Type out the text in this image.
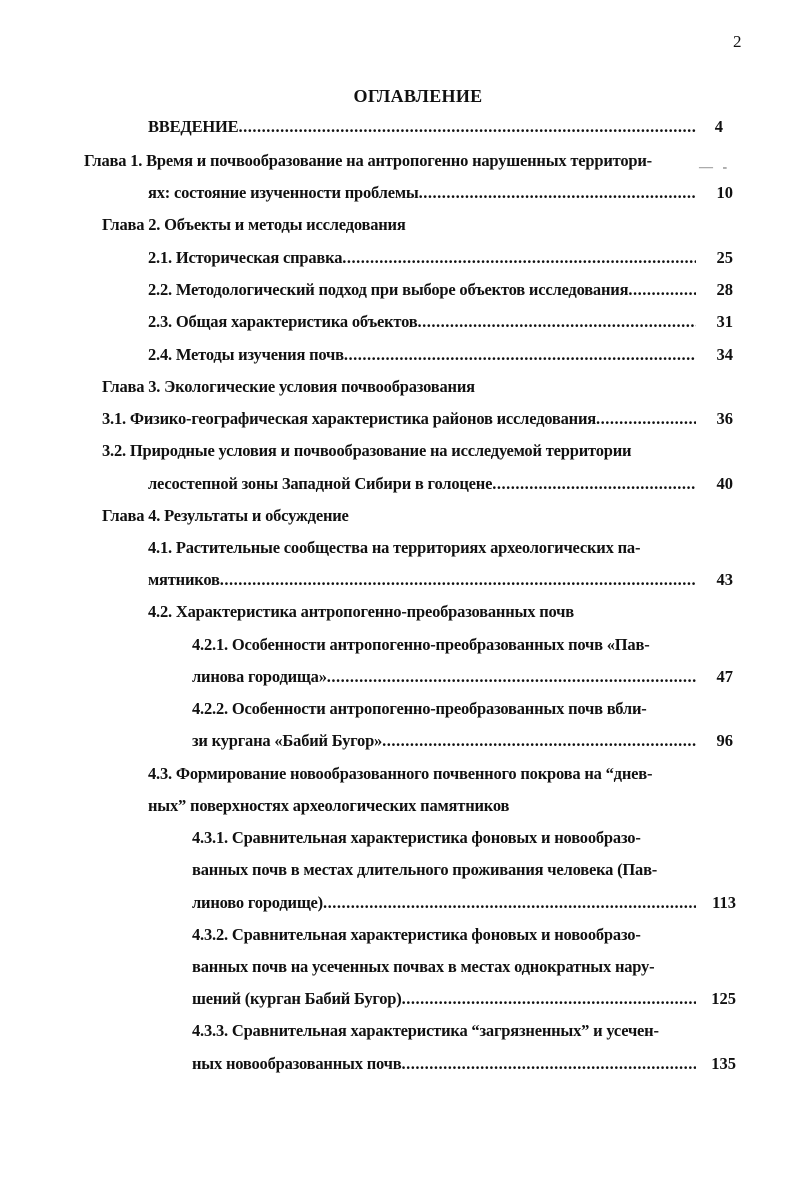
2
ОГЛАВЛЕНИЕ
ВВЕДЕНИЕ .....	4
Глава 1. Время и почвообразование на антропогенно нарушенных территори-	— -
ях: состояние изученности проблемы .....	10
Глава 2. Объекты и методы исследования
2.1. Историческая справка .....	25
2.2. Методологический подход при выборе объектов исследования .....	28
2.3. Общая характеристика объектов .....	31
2.4. Методы изучения почв .....	34
Глава 3. Экологические условия почвообразования
3.1. Физико-географическая характеристика районов исследования .....	36
3.2. Природные условия и почвообразование на исследуемой территории
лесостепной зоны Западной Сибири в голоцене .....	40
Глава 4. Результаты и обсуждение
4.1. Растительные сообщества на территориях археологических па-
мятников .....	43
4.2. Характеристика антропогенно-преобразованных почв
4.2.1. Особенности антропогенно-преобразованных почв «Пав-
линова городища» .....	47
4.2.2. Особенности антропогенно-преобразованных почв вбли-
зи кургана «Бабий Бугор» .....	96
4.3. Формирование новообразованного почвенного покрова на “днев-
ных” поверхностях археологических памятников
4.3.1. Сравнительная характеристика фоновых и новообразо-
ванных почв в местах длительного проживания человека (Пав-
линово городище) .....	113
4.3.2. Сравнительная характеристика фоновых и новообразо-
ванных почв на усеченных почвах в местах однократных нару-
шений (курган Бабий Бугор) .....	125
4.3.3. Сравнительная характеристика “загрязненных” и усечен-
ных новообразованных почв .....	135
